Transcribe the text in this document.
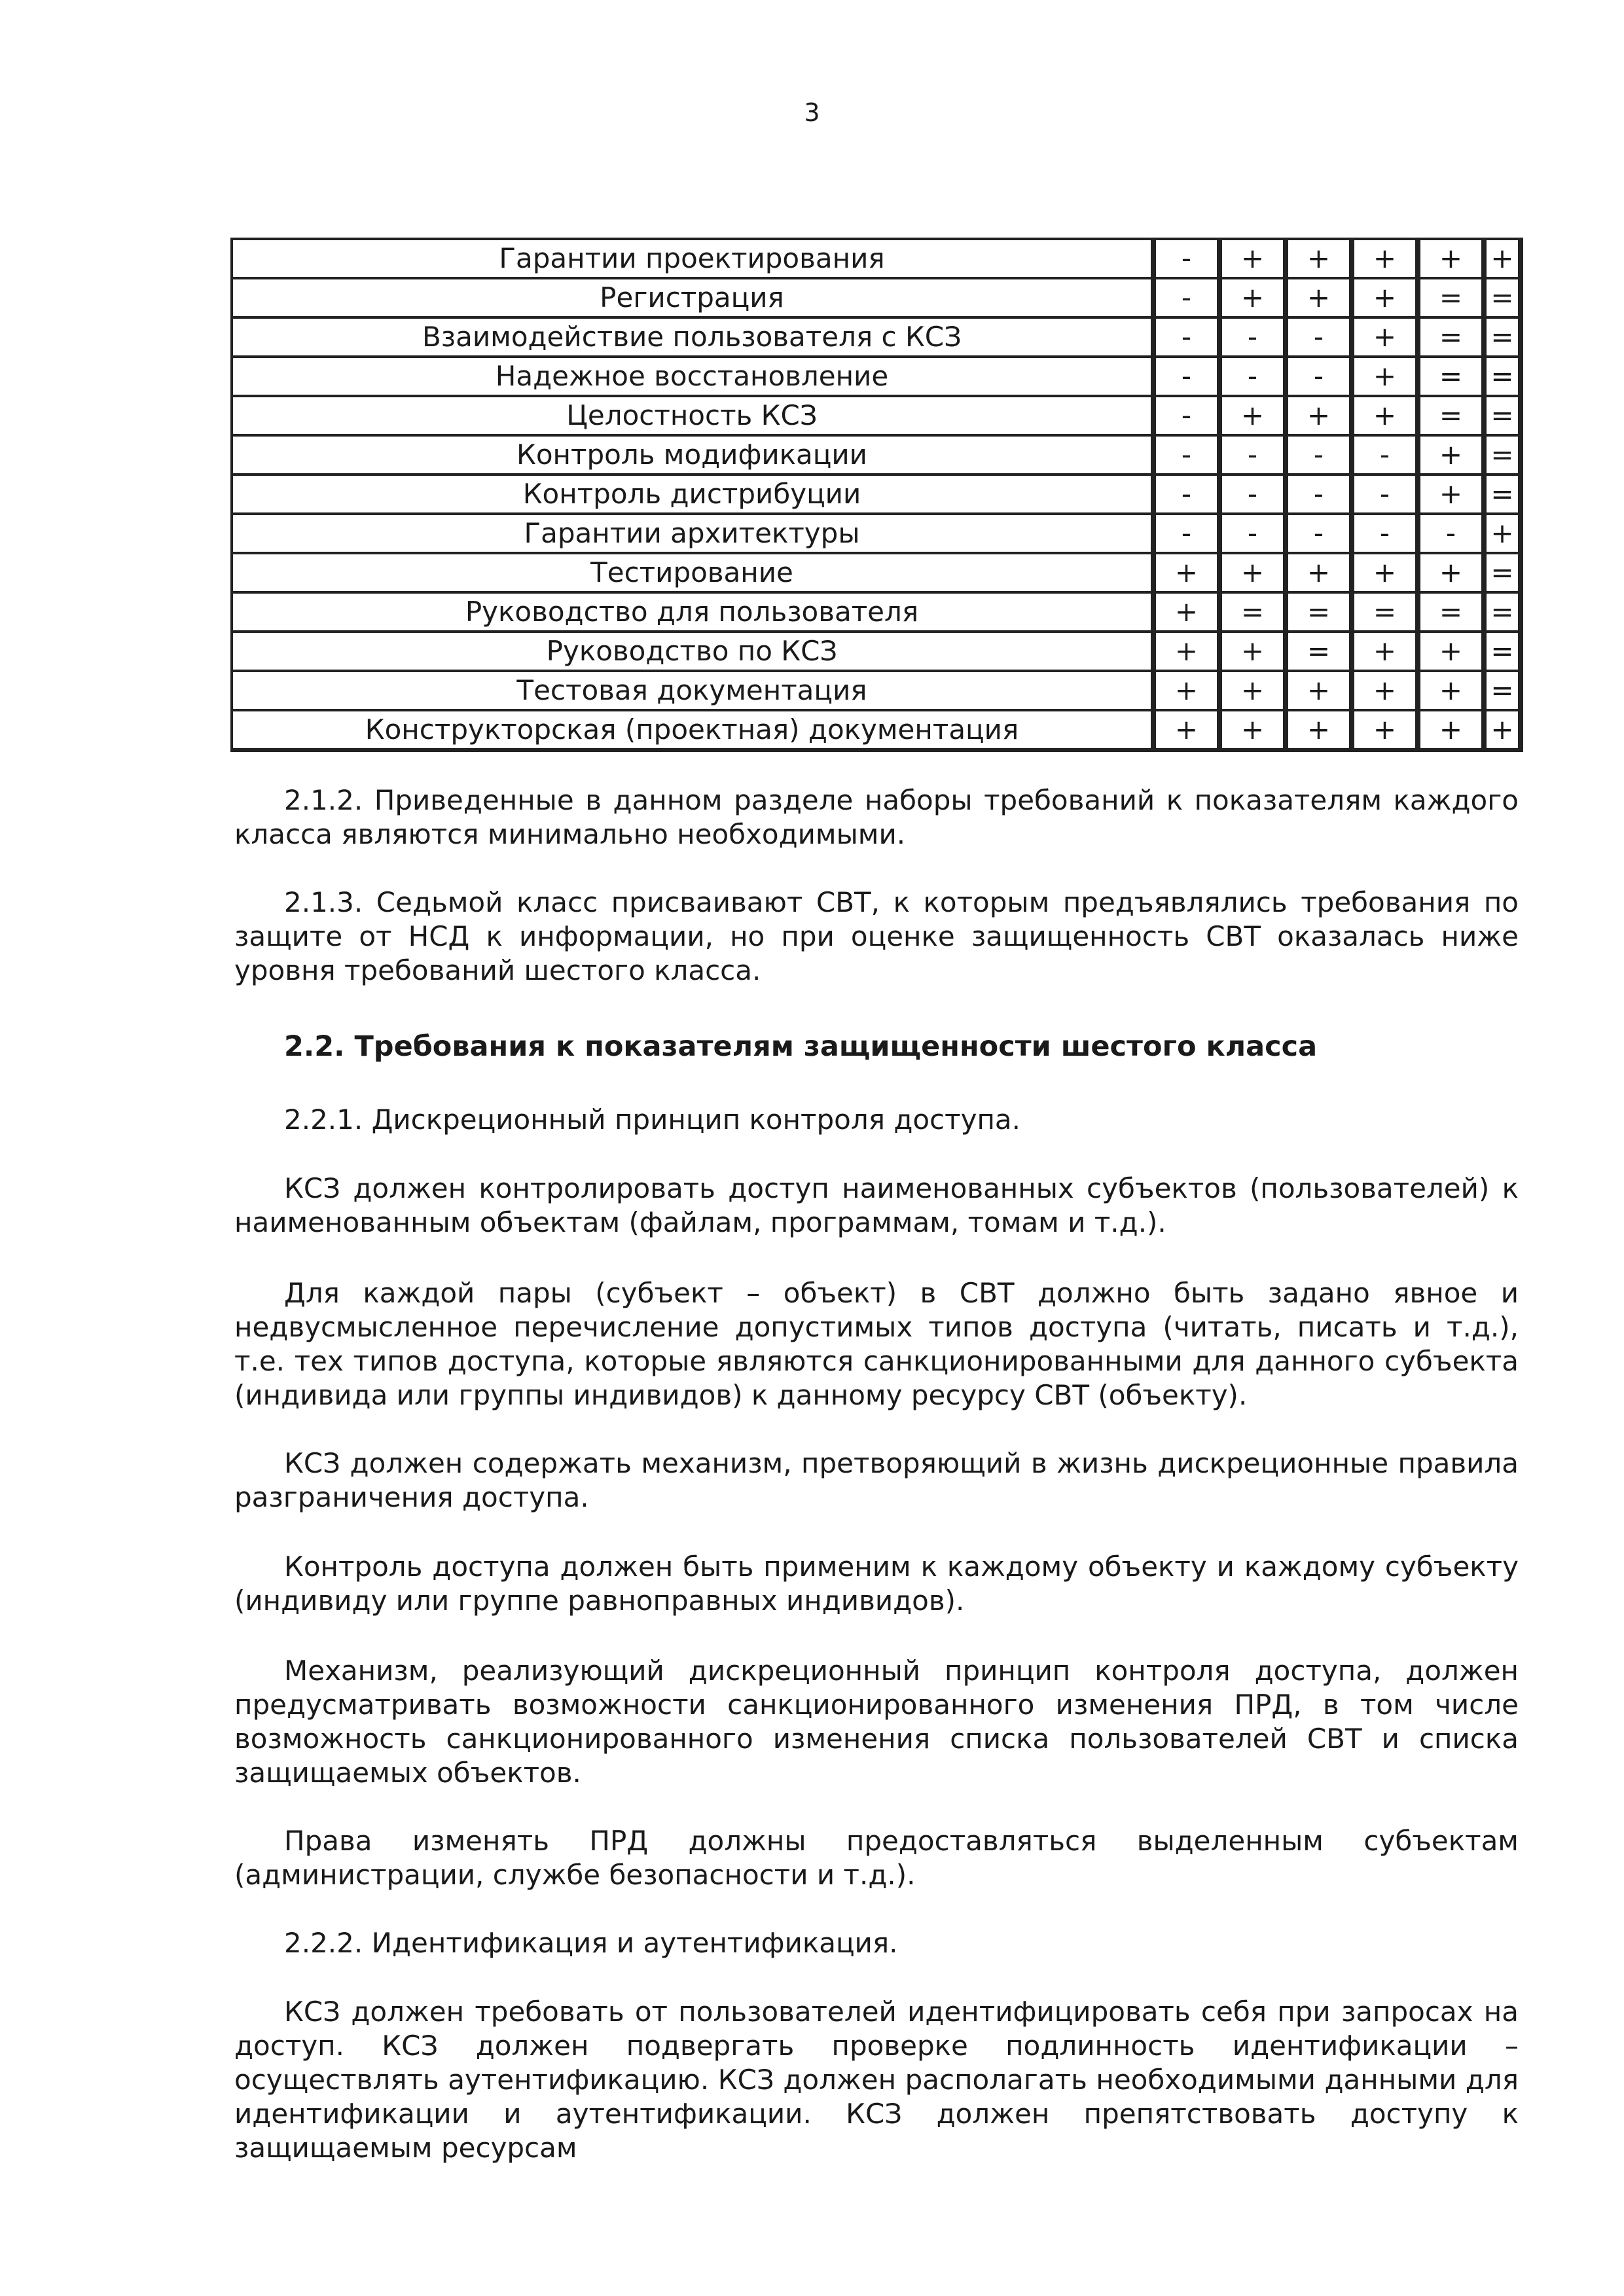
3
Гарантии проектирования	-	+	+	+	+	+
Регистрация	-	+	+	+	=	=
Взаимодействие пользователя с КСЗ	-	-	-	+	=	=
Надежное восстановление	-	-	-	+	=	=
Целостность КСЗ	-	+	+	+	=	=
Контроль модификации	-	-	-	-	+	=
Контроль дистрибуции	-	-	-	-	+	=
Гарантии архитектуры	-	-	-	-	-	+
Тестирование	+	+	+	+	+	=
Руководство для пользователя	+	=	=	=	=	=
Руководство по КСЗ	+	+	=	+	+	=
Тестовая документация	+	+	+	+	+	=
Конструкторская (проектная) документация	+	+	+	+	+	+

2.1.2. Приведенные в данном разделе наборы требований к показателям каждого класса являются минимально необходимыми.

2.1.3. Седьмой класс присваивают СВТ, к которым предъявлялись требования по защите от НСД к информации, но при оценке защищенность СВТ оказалась ниже уровня требований шестого класса.

2.2. Требования к показателям защищенности шестого класса

2.2.1. Дискреционный принцип контроля доступа.

КСЗ должен контролировать доступ наименованных субъектов (пользователей) к наименованным объектам (файлам, программам, томам и т.д.).

Для каждой пары (субъект – объект) в СВТ должно быть задано явное и недвусмысленное перечисление допустимых типов доступа (читать, писать и т.д.), т.е. тех типов доступа, которые являются санкционированными для данного субъекта (индивида или группы индивидов) к данному ресурсу СВТ (объекту).

КСЗ должен содержать механизм, претворяющий в жизнь дискреционные правила разграничения доступа.

Контроль доступа должен быть применим к каждому объекту и каждому субъекту (индивиду или группе равноправных индивидов).

Механизм, реализующий дискреционный принцип контроля доступа, должен предусматривать возможности санкционированного изменения ПРД, в том числе возможность санкционированного изменения списка пользователей СВТ и списка защищаемых объектов.

Права изменять ПРД должны предоставляться выделенным субъектам (администрации, службе безопасности и т.д.).

2.2.2. Идентификация и аутентификация.

КСЗ должен требовать от пользователей идентифицировать себя при запросах на доступ. КСЗ должен подвергать проверке подлинность идентификации – осуществлять аутентификацию. КСЗ должен располагать необходимыми данными для идентификации и аутентификации. КСЗ должен препятствовать доступу к защищаемым ресурсам
